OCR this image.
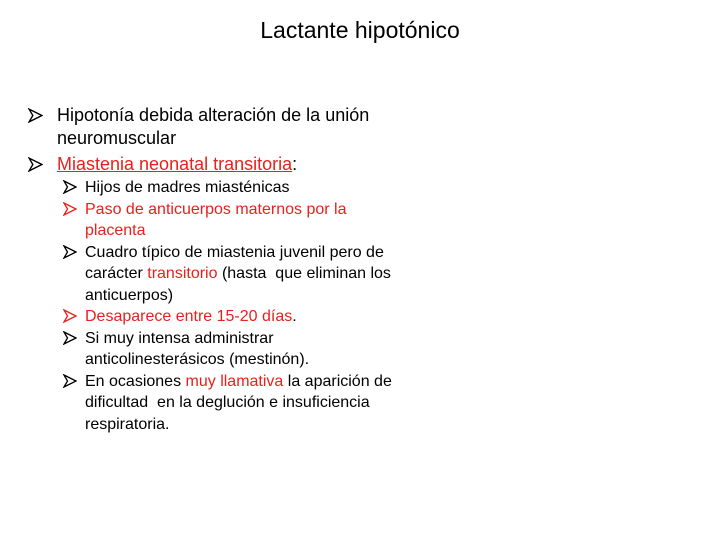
Lactante hipotónico
Hipotonía debida alteración de la unión
neuromuscular
Miastenia neonatal transitoria:
Hijos de madres miasténicas
Paso de anticuerpos maternos por la
placenta
Cuadro típico de miastenia juvenil pero de
carácter transitorio (hasta  que eliminan los
anticuerpos)
Desaparece entre 15-20 días.
Si muy intensa administrar
anticolinesterásicos (mestinón).
En ocasiones muy llamativa la aparición de
dificultad  en la deglución e insuficiencia
respiratoria.
